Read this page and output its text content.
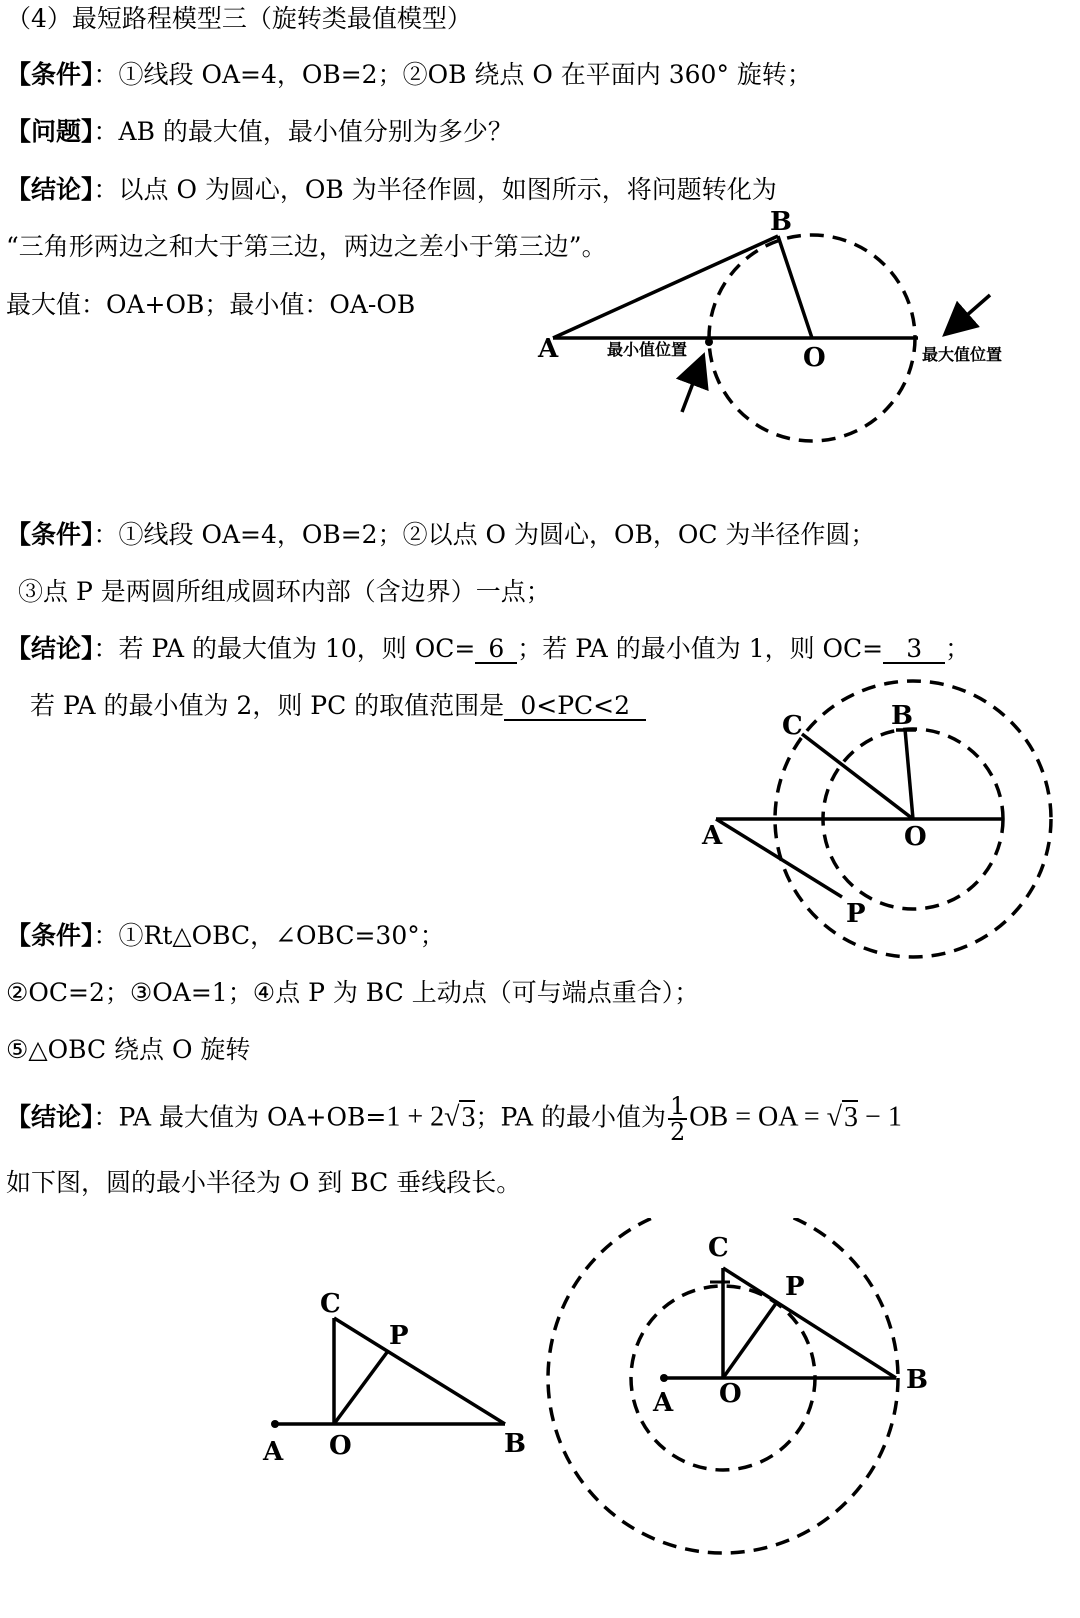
（4）最短路程模型三（旋转类最值模型）
【条件】：①线段 OA=4，OB=2；②OB 绕点 O 在平面内 360° 旋转；
【问题】：AB 的最大值，最小值分别为多少？
【结论】：以点 O 为圆心，OB 为半径作圆，如图所示，将问题转化为
“三角形两边之和大于第三边，两边之差小于第三边”。
最大值：OA+OB；最小值：OA-OB
A
B
O
最小值位置	最大值位置
【条件】：①线段 OA=4，OB=2；②以点 O 为圆心，OB，OC 为半径作圆；
③点 P 是两圆所组成圆环内部（含边界）一点；
【结论】：若 PA 的最大值为 10，则 OC= 6 ；若 PA 的最小值为 1，则 OC= 3 ；
若 PA 的最小值为 2，则 PC 的取值范围是 0<PC<2
A
B
C
O
P
【条件】：①Rt△OBC，∠OBC=30°；
②OC=2；③OA=1；④点 P 为 BC 上动点（可与端点重合）；
⑤△OBC 绕点 O 旋转
【结论】：PA 最大值为 OA+OB=1 + 2√3；PA 的最小值为 $\frac{1}{2}$ OB = OA = √3 − 1
如下图，圆的最小半径为 O 到 BC 垂线段长。
A O	B
C
P
A O	B
C
P
